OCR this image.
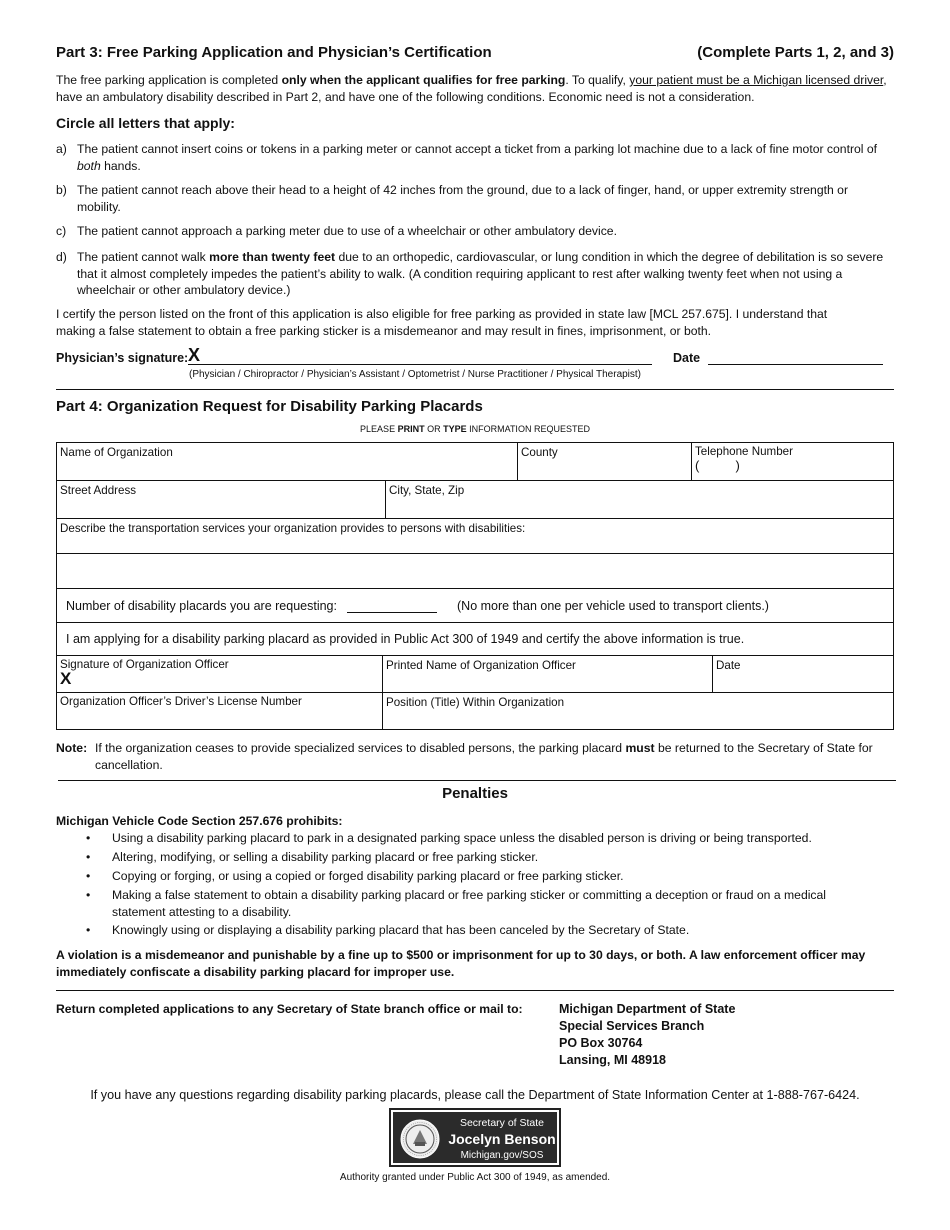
Part 3: Free Parking Application and Physician’s Certification	(Complete Parts 1, 2, and 3)
The free parking application is completed only when the applicant qualifies for free parking. To qualify, your patient must be a Michigan licensed driver,
have an ambulatory disability described in Part 2, and have one of the following conditions. Economic need is not a consideration.
Circle all letters that apply:
a) The patient cannot insert coins or tokens in a parking meter or cannot accept a ticket from a parking lot machine due to a lack of fine motor control of
both hands.
b) The patient cannot reach above their head to a height of 42 inches from the ground, due to a lack of finger, hand, or upper extremity strength or
mobility.
c) The patient cannot approach a parking meter due to use of a wheelchair or other ambulatory device.
d) The patient cannot walk more than twenty feet due to an orthopedic, cardiovascular, or lung condition in which the degree of debilitation is so severe
that it almost completely impedes the patient’s ability to walk. (A condition requiring applicant to rest after walking twenty feet when not using a
wheelchair or other ambulatory device.)
I certify the person listed on the front of this application is also eligible for free parking as provided in state law [MCL 257.675]. I understand that
making a false statement to obtain a free parking sticker is a misdemeanor and may result in fines, imprisonment, or both.
Physician’s signature: X	Date
(Physician / Chiropractor / Physician’s Assistant / Optometrist / Nurse Practitioner / Physical Therapist)
Part 4: Organization Request for Disability Parking Placards
PLEASE PRINT OR TYPE INFORMATION REQUESTED
Name of Organization	County	Telephone Number
(          )
Street Address	City, State, Zip
Describe the transportation services your organization provides to persons with disabilities:
Number of disability placards you are requesting:	(No more than one per vehicle used to transport clients.)
I am applying for a disability parking placard as provided in Public Act 300 of 1949 and certify the above information is true.
Signature of Organization Officer
X
Printed Name of Organization Officer	Date
Organization Officer’s Driver’s License Number	Position (Title) Within Organization
Note: If the organization ceases to provide specialized services to disabled persons, the parking placard must be returned to the Secretary of State for
cancellation.
Penalties
Michigan Vehicle Code Section 257.676 prohibits:
• Using a disability parking placard to park in a designated parking space unless the disabled person is driving or being transported.
• Altering, modifying, or selling a disability parking placard or free parking sticker.
• Copying or forging, or using a copied or forged disability parking placard or free parking sticker.
• Making a false statement to obtain a disability parking placard or free parking sticker or committing a deception or fraud on a medical
statement attesting to a disability.
• Knowingly using or displaying a disability parking placard that has been canceled by the Secretary of State.
A violation is a misdemeanor and punishable by a fine up to $500 or imprisonment for up to 30 days, or both. A law enforcement officer may
immediately confiscate a disability parking placard for improper use.
Return completed applications to any Secretary of State branch office or mail to:	Michigan Department of State
Special Services Branch
PO Box 30764
Lansing, MI 48918
If you have any questions regarding disability parking placards, please call the Department of State Information Center at 1-888-767-6424.
Secretary of State
Jocelyn Benson
Michigan.gov/SOS
Authority granted under Public Act 300 of 1949, as amended.
